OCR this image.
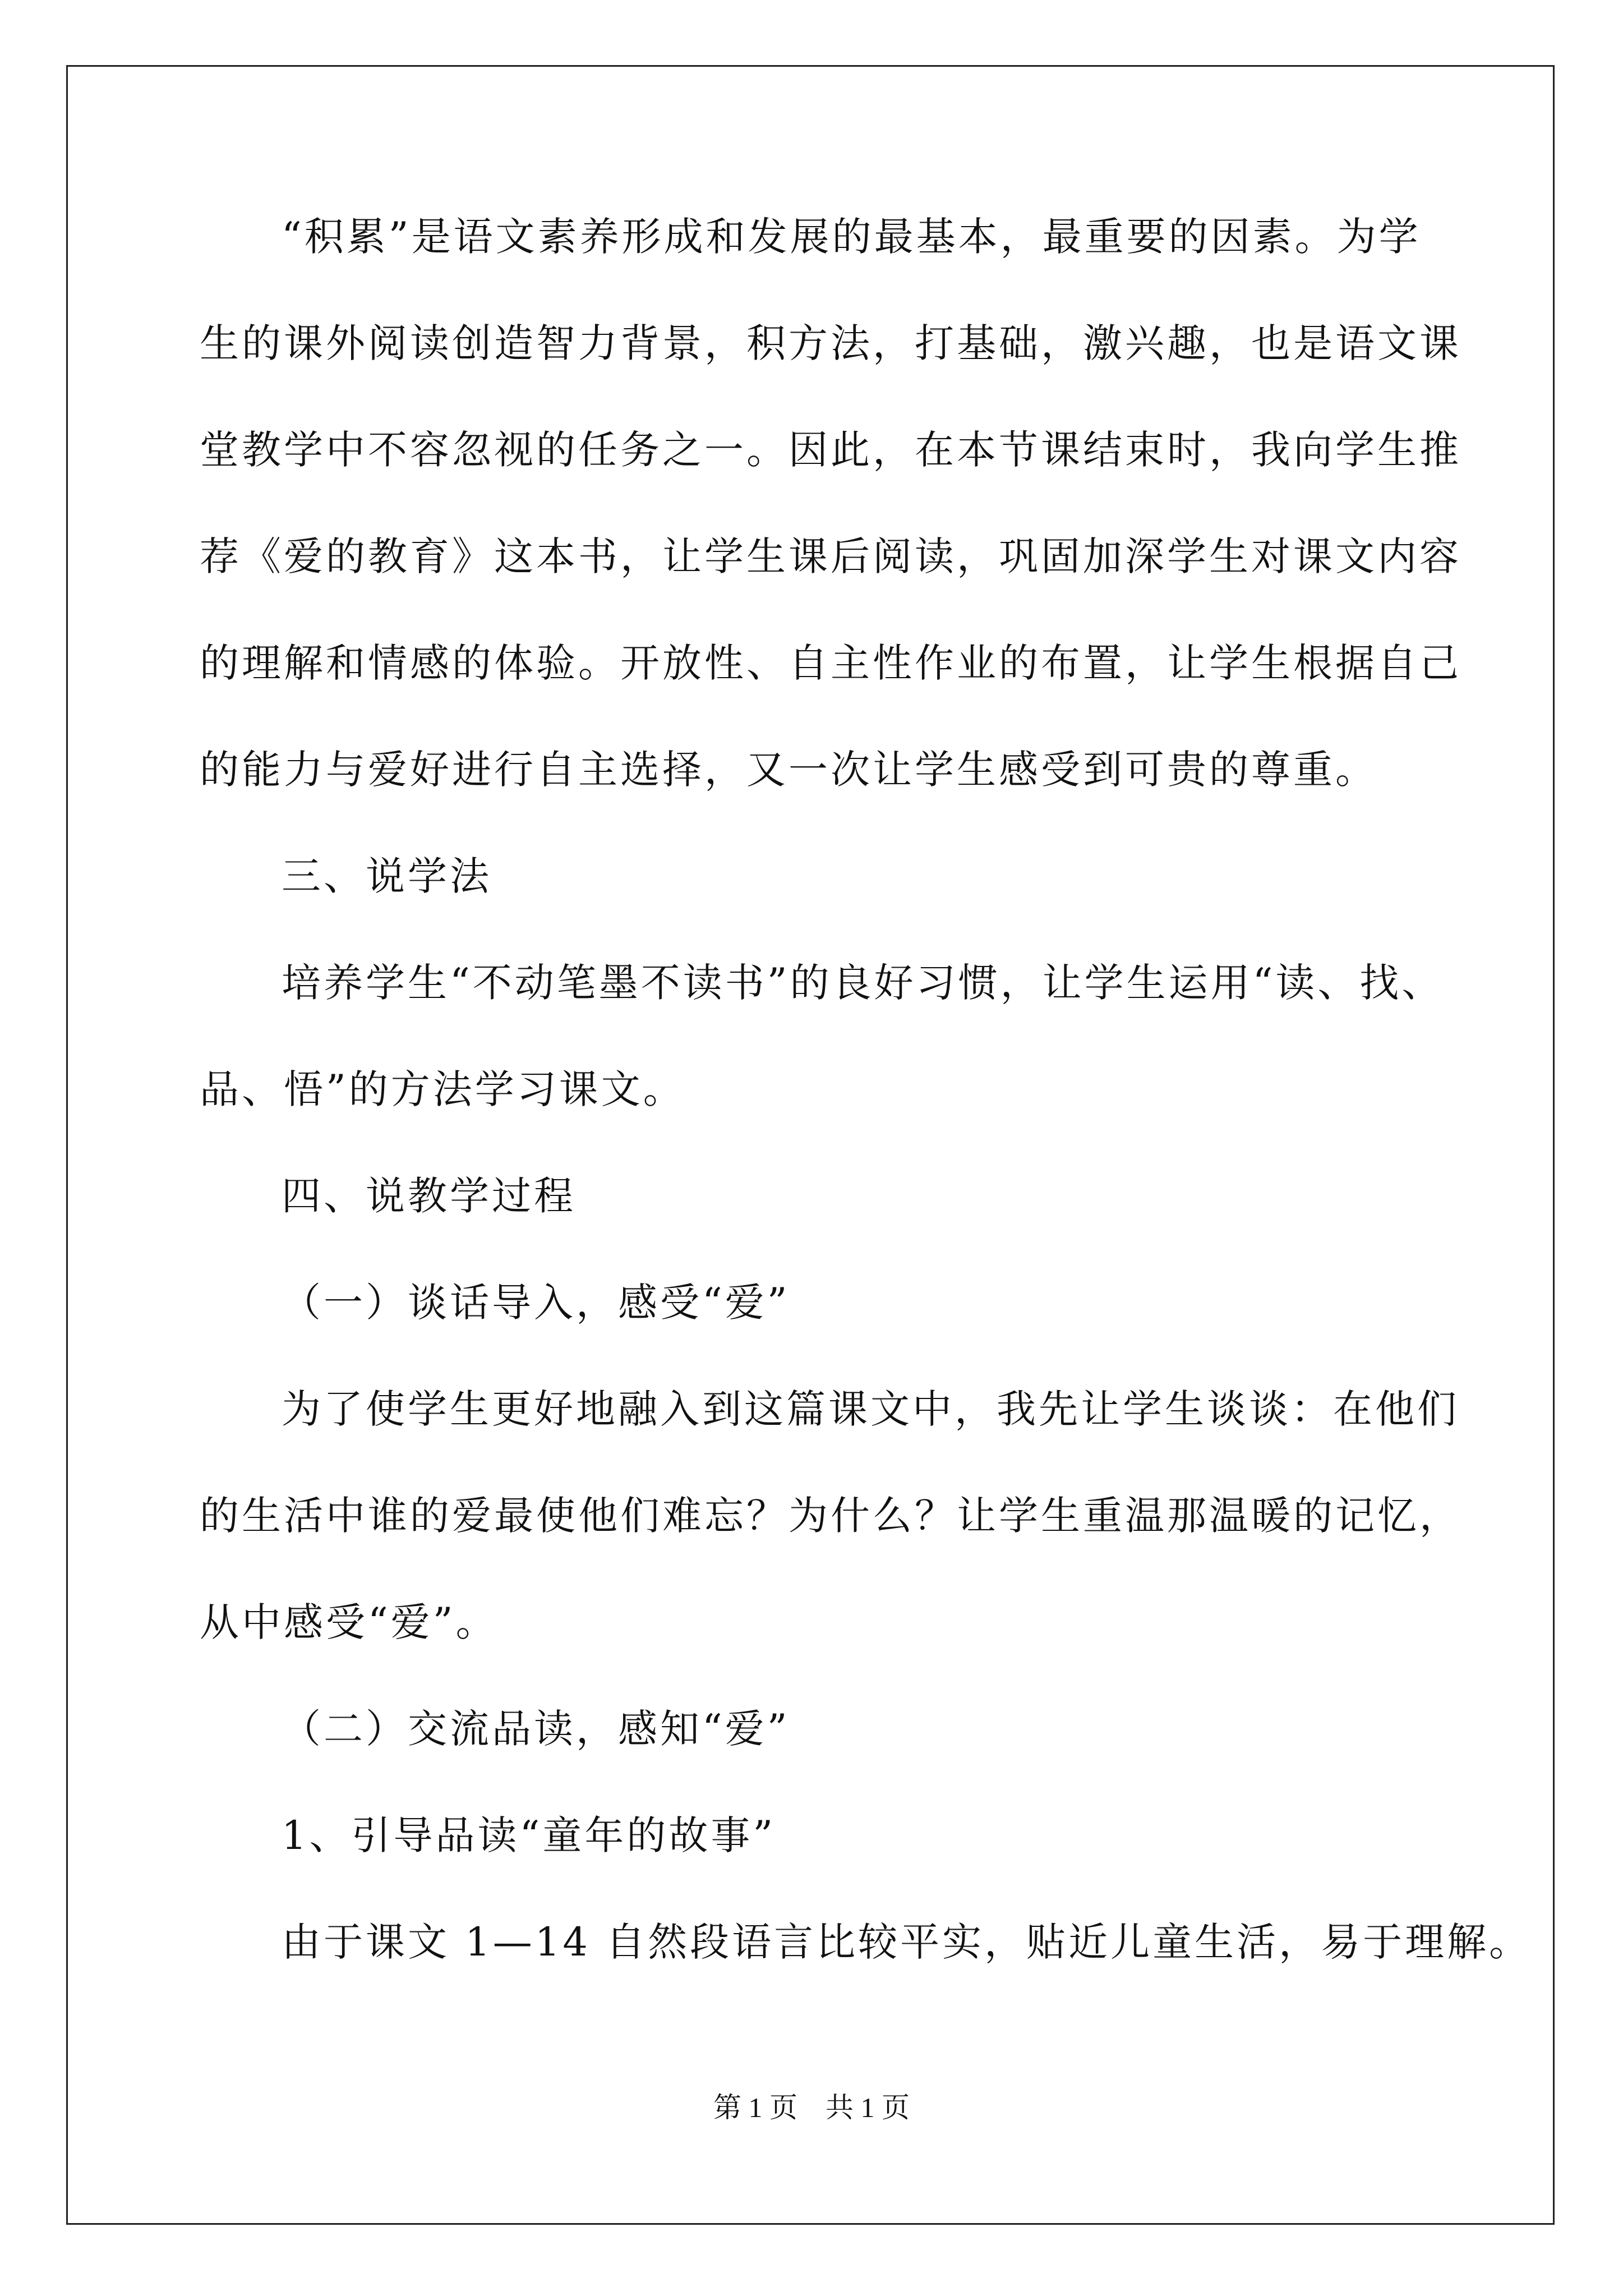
“积累”是语文素养形成和发展的最基本，最重要的因素。为学
生的课外阅读创造智力背景，积方法，打基础，激兴趣，也是语文课
堂教学中不容忽视的任务之一。因此，在本节课结束时，我向学生推
荐《爱的教育》这本书，让学生课后阅读，巩固加深学生对课文内容
的理解和情感的体验。开放性、自主性作业的布置，让学生根据自己
的能力与爱好进行自主选择，又一次让学生感受到可贵的尊重。
三、说学法
培养学生“不动笔墨不读书”的良好习惯，让学生运用“读、找、
品、悟”的方法学习课文。
四、说教学过程
（一）谈话导入，感受“爱”
为了使学生更好地融入到这篇课文中，我先让学生谈谈：在他们
的生活中谁的爱最使他们难忘？为什么？让学生重温那温暖的记忆，
从中感受“爱”。
（二）交流品读，感知“爱”
1、引导品读“童年的故事”
由于课文 1—14 自然段语言比较平实，贴近儿童生活，易于理解。
第 1 页　共 1 页
